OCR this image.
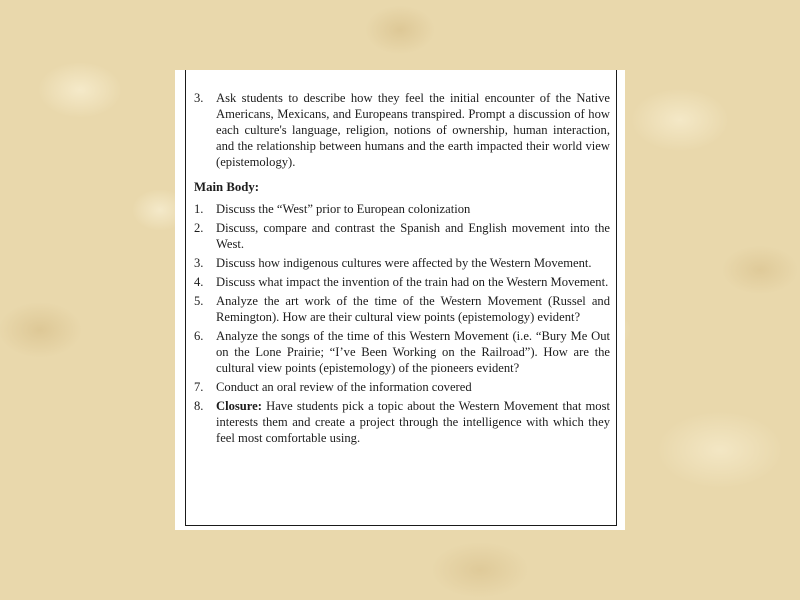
3. Ask students to describe how they feel the initial encounter of the Native Americans, Mexicans, and Europeans transpired. Prompt a discussion of how each culture's language, religion, notions of ownership, human interaction, and the relationship between humans and the earth impacted their world view (epistemology).
Main Body:
1. Discuss the “West” prior to European colonization
2. Discuss, compare and contrast the Spanish and English movement into the West.
3. Discuss how indigenous cultures were affected by the Western Movement.
4. Discuss what impact the invention of the train had on the Western Movement.
5. Analyze the art work of the time of the Western Movement (Russel and Remington). How are their cultural view points (epistemology) evident?
6. Analyze the songs of the time of this Western Movement (i.e. “Bury Me Out on the Lone Prairie; “I’ve Been Working on the Railroad”). How are the cultural view points (epistemology) of the pioneers evident?
7. Conduct an oral review of the information covered
8. Closure: Have students pick a topic about the Western Movement that most interests them and create a project through the intelligence with which they feel most comfortable using.
